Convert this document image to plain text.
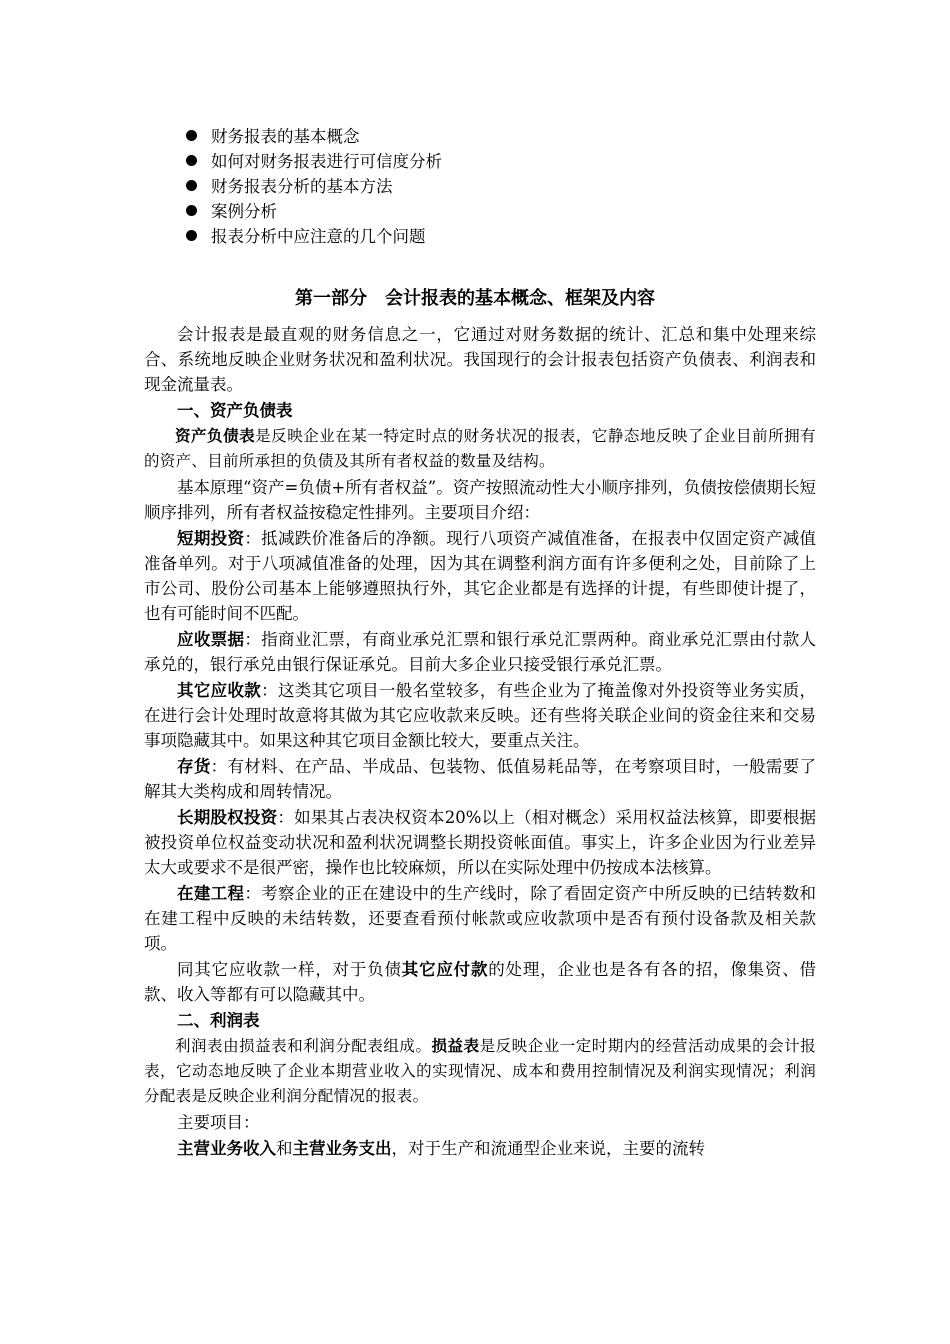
财务报表的基本概念
如何对财务报表进行可信度分析
财务报表分析的基本方法
案例分析
报表分析中应注意的几个问题
第一部分　会计报表的基本概念、框架及内容

会计报表是最直观的财务信息之一，它通过对财务数据的统计、汇总和集中处理来综合、系统地反映企业财务状况和盈利状况。我国现行的会计报表包括资产负债表、利润表和现金流量表。

一、资产负债表

资产负债表是反映企业在某一特定时点的财务状况的报表，它静态地反映了企业目前所拥有的资产、目前所承担的负债及其所有者权益的数量及结构。

基本原理“资产=负债+所有者权益”。资产按照流动性大小顺序排列，负债按偿债期长短顺序排列，所有者权益按稳定性排列。主要项目介绍：

短期投资：抵减跌价准备后的净额。现行八项资产减值准备，在报表中仅固定资产减值准备单列。对于八项减值准备的处理，因为其在调整利润方面有许多便利之处，目前除了上市公司、股份公司基本上能够遵照执行外，其它企业都是有选择的计提，有些即使计提了，也有可能时间不匹配。

应收票据：指商业汇票，有商业承兑汇票和银行承兑汇票两种。商业承兑汇票由付款人承兑的，银行承兑由银行保证承兑。目前大多企业只接受银行承兑汇票。

其它应收款：这类其它项目一般名堂较多，有些企业为了掩盖像对外投资等业务实质，在进行会计处理时故意将其做为其它应收款来反映。还有些将关联企业间的资金往来和交易事项隐藏其中。如果这种其它项目金额比较大，要重点关注。

存货：有材料、在产品、半成品、包装物、低值易耗品等，在考察项目时，一般需要了解其大类构成和周转情况。

长期股权投资：如果其占表决权资本20%以上（相对概念）采用权益法核算，即要根据被投资单位权益变动状况和盈利状况调整长期投资帐面值。事实上，许多企业因为行业差异太大或要求不是很严密，操作也比较麻烦，所以在实际处理中仍按成本法核算。

在建工程：考察企业的正在建设中的生产线时，除了看固定资产中所反映的已结转数和在建工程中反映的未结转数，还要查看预付帐款或应收款项中是否有预付设备款及相关款项。

同其它应收款一样，对于负债其它应付款的处理，企业也是各有各的招，像集资、借款、收入等都有可以隐藏其中。

二、利润表

利润表由损益表和利润分配表组成。损益表是反映企业一定时期内的经营活动成果的会计报表，它动态地反映了企业本期营业收入的实现情况、成本和费用控制情况及利润实现情况；利润分配表是反映企业利润分配情况的报表。

主要项目：

主营业务收入和主营业务支出，对于生产和流通型企业来说，主要的流转
